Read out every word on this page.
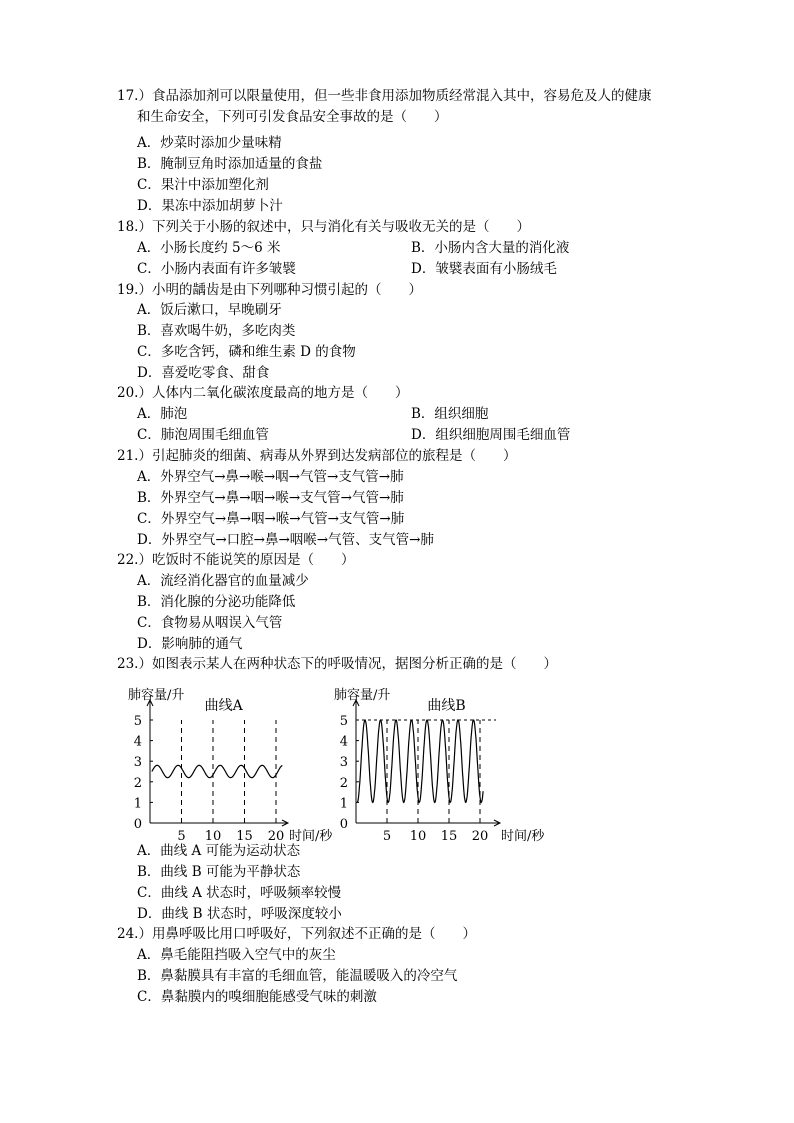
17.）食品添加剂可以限量使用，但一些非食用添加物质经常混入其中，容易危及人的健康
和生命安全，下列可引发食品安全事故的是（　　）
A．炒菜时添加少量味精
B．腌制豆角时添加适量的食盐
C．果汁中添加塑化剂
D．果冻中添加胡萝卜汁
18.）下列关于小肠的叙述中，只与消化有关与吸收无关的是（　　）
A．小肠长度约 5～6 米	B．小肠内含大量的消化液
C．小肠内表面有许多皱襞	D．皱襞表面有小肠绒毛
19.）小明的龋齿是由下列哪种习惯引起的（　　）
A．饭后漱口，早晚刷牙
B．喜欢喝牛奶，多吃肉类
C．多吃含钙，磷和维生素 D 的食物
D．喜爱吃零食、甜食
20.）人体内二氧化碳浓度最高的地方是（　　）
A．肺泡	B．组织细胞
C．肺泡周围毛细血管	D．组织细胞周围毛细血管
21.）引起肺炎的细菌、病毒从外界到达发病部位的旅程是（　　）
A．外界空气→鼻→喉→咽→气管→支气管→肺
B．外界空气→鼻→咽→喉→支气管→气管→肺
C．外界空气→鼻→咽→喉→气管→支气管→肺
D．外界空气→口腔→鼻→咽喉→气管、支气管→肺
22.）吃饭时不能说笑的原因是（　　）
A．流经消化器官的血量减少
B．消化腺的分泌功能降低
C．食物易从咽误入气管
D．影响肺的通气
23.）如图表示某人在两种状态下的呼吸情况，据图分析正确的是（　　）
A．曲线 A 可能为运动状态
B．曲线 B 可能为平静状态
C．曲线 A 状态时，呼吸频率较慢
D．曲线 B 状态时，呼吸深度较小
24.）用鼻呼吸比用口呼吸好，下列叙述不正确的是（　　）
A．鼻毛能阻挡吸入空气中的灰尘
B．鼻黏膜具有丰富的毛细血管，能温暖吸入的冷空气
C．鼻黏膜内的嗅细胞能感受气味的刺激
0
1
2
3
4
5
5 10 15 20
肺容量/升
时间/秒
曲线A
0
1
2
3
4
5
5 10 15 20
肺容量/升
时间/秒
曲线B
